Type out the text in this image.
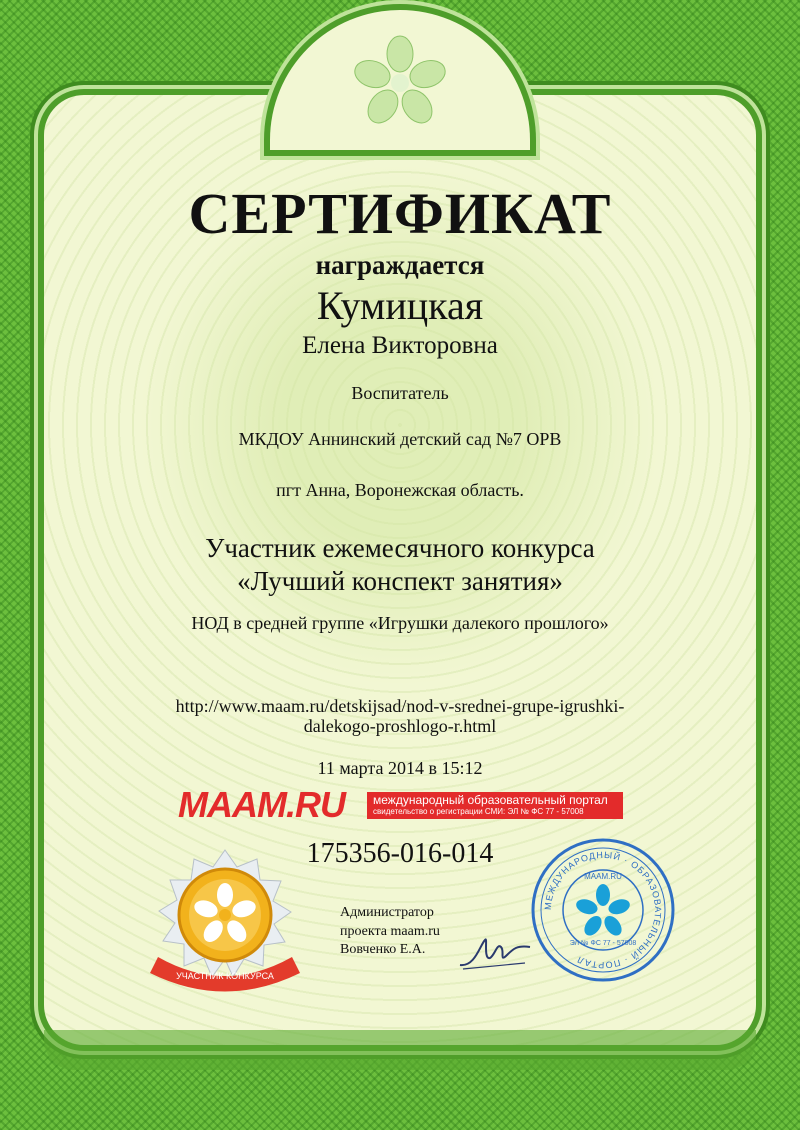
СЕРТИФИКАТ
награждается
Кумицкая
Елена Викторовна
Воспитатель
МКДОУ Аннинский детский сад №7 ОРВ
пгт Анна, Воронежская область.
Участник ежемесячного конкурса
«Лучший конспект занятия»
НОД в средней группе «Игрушки далекого прошлого»
http://www.maam.ru/detskijsad/nod-v-srednei-grupe-igrushki-
dalekogo-proshlogo-r.html
11 марта 2014 в 15:12
MAAM.RU	международный образовательный портал
свидетельство о регистрации СМИ: ЭЛ № ФС 77 - 57008
175356-016-014
УЧАСТНИК КОНКУРСА
МЕЖДУНАРОДНЫЙ · ОБРАЗОВАТЕЛЬНЫЙ · ПОРТАЛ
MAAM.RU
ЭЛ № ФС 77 - 57008
Администратор
проекта maam.ru
Вовченко Е.А.
